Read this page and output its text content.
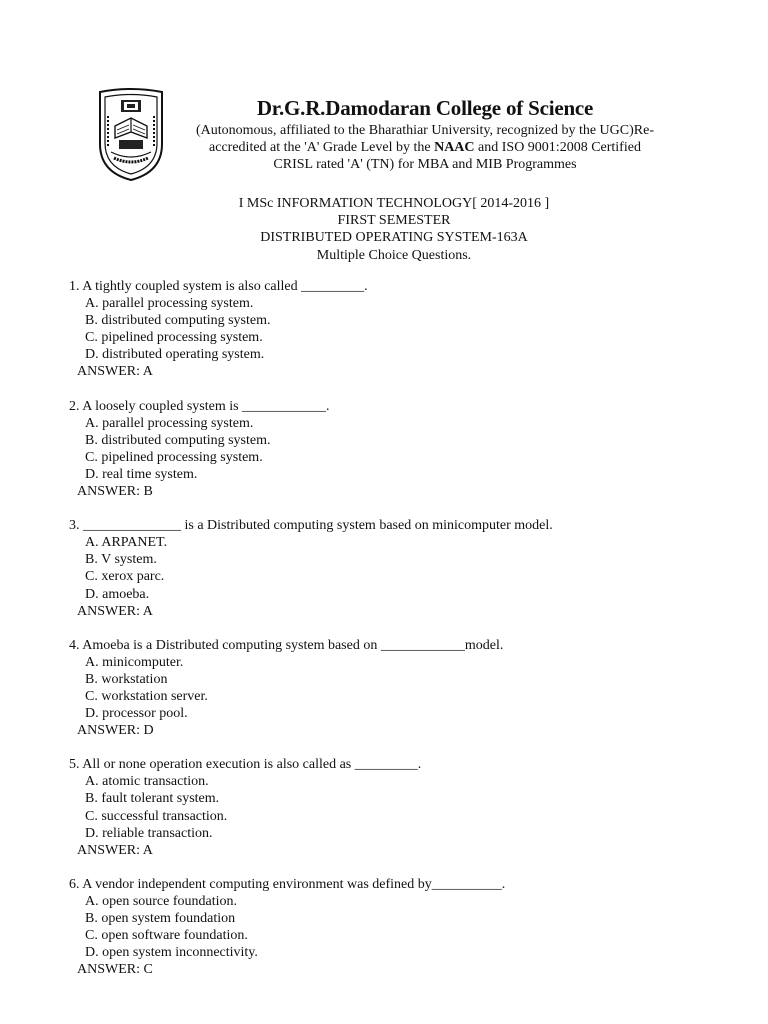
Dr.G.R.Damodaran College of Science
(Autonomous, affiliated to the Bharathiar University, recognized by the UGC)Re-
accredited at the 'A' Grade Level by the NAAC and ISO 9001:2008 Certified
CRISL rated 'A' (TN) for MBA and MIB Programmes
I MSc INFORMATION TECHNOLOGY[ 2014-2016 ]
FIRST SEMESTER
DISTRIBUTED OPERATING SYSTEM-163A
Multiple Choice Questions.
1. A tightly coupled system is also called _________.
A. parallel processing system.
B. distributed computing system.
C. pipelined processing system.
D. distributed operating system.
ANSWER: A
2. A loosely coupled system is ____________.
A. parallel processing system.
B. distributed computing system.
C. pipelined processing system.
D. real time system.
ANSWER: B
3. ______________ is a Distributed computing system based on minicomputer model.
A. ARPANET.
B. V system.
C. xerox parc.
D. amoeba.
ANSWER: A
4. Amoeba is a Distributed computing system based on ____________model.
A. minicomputer.
B. workstation
C. workstation server.
D. processor pool.
ANSWER: D
5. All or none operation execution is also called as _________.
A. atomic transaction.
B. fault tolerant system.
C. successful transaction.
D. reliable transaction.
ANSWER: A
6. A vendor independent computing environment was defined by__________.
A. open source foundation.
B. open system foundation
C. open software foundation.
D. open system inconnectivity.
ANSWER: C
